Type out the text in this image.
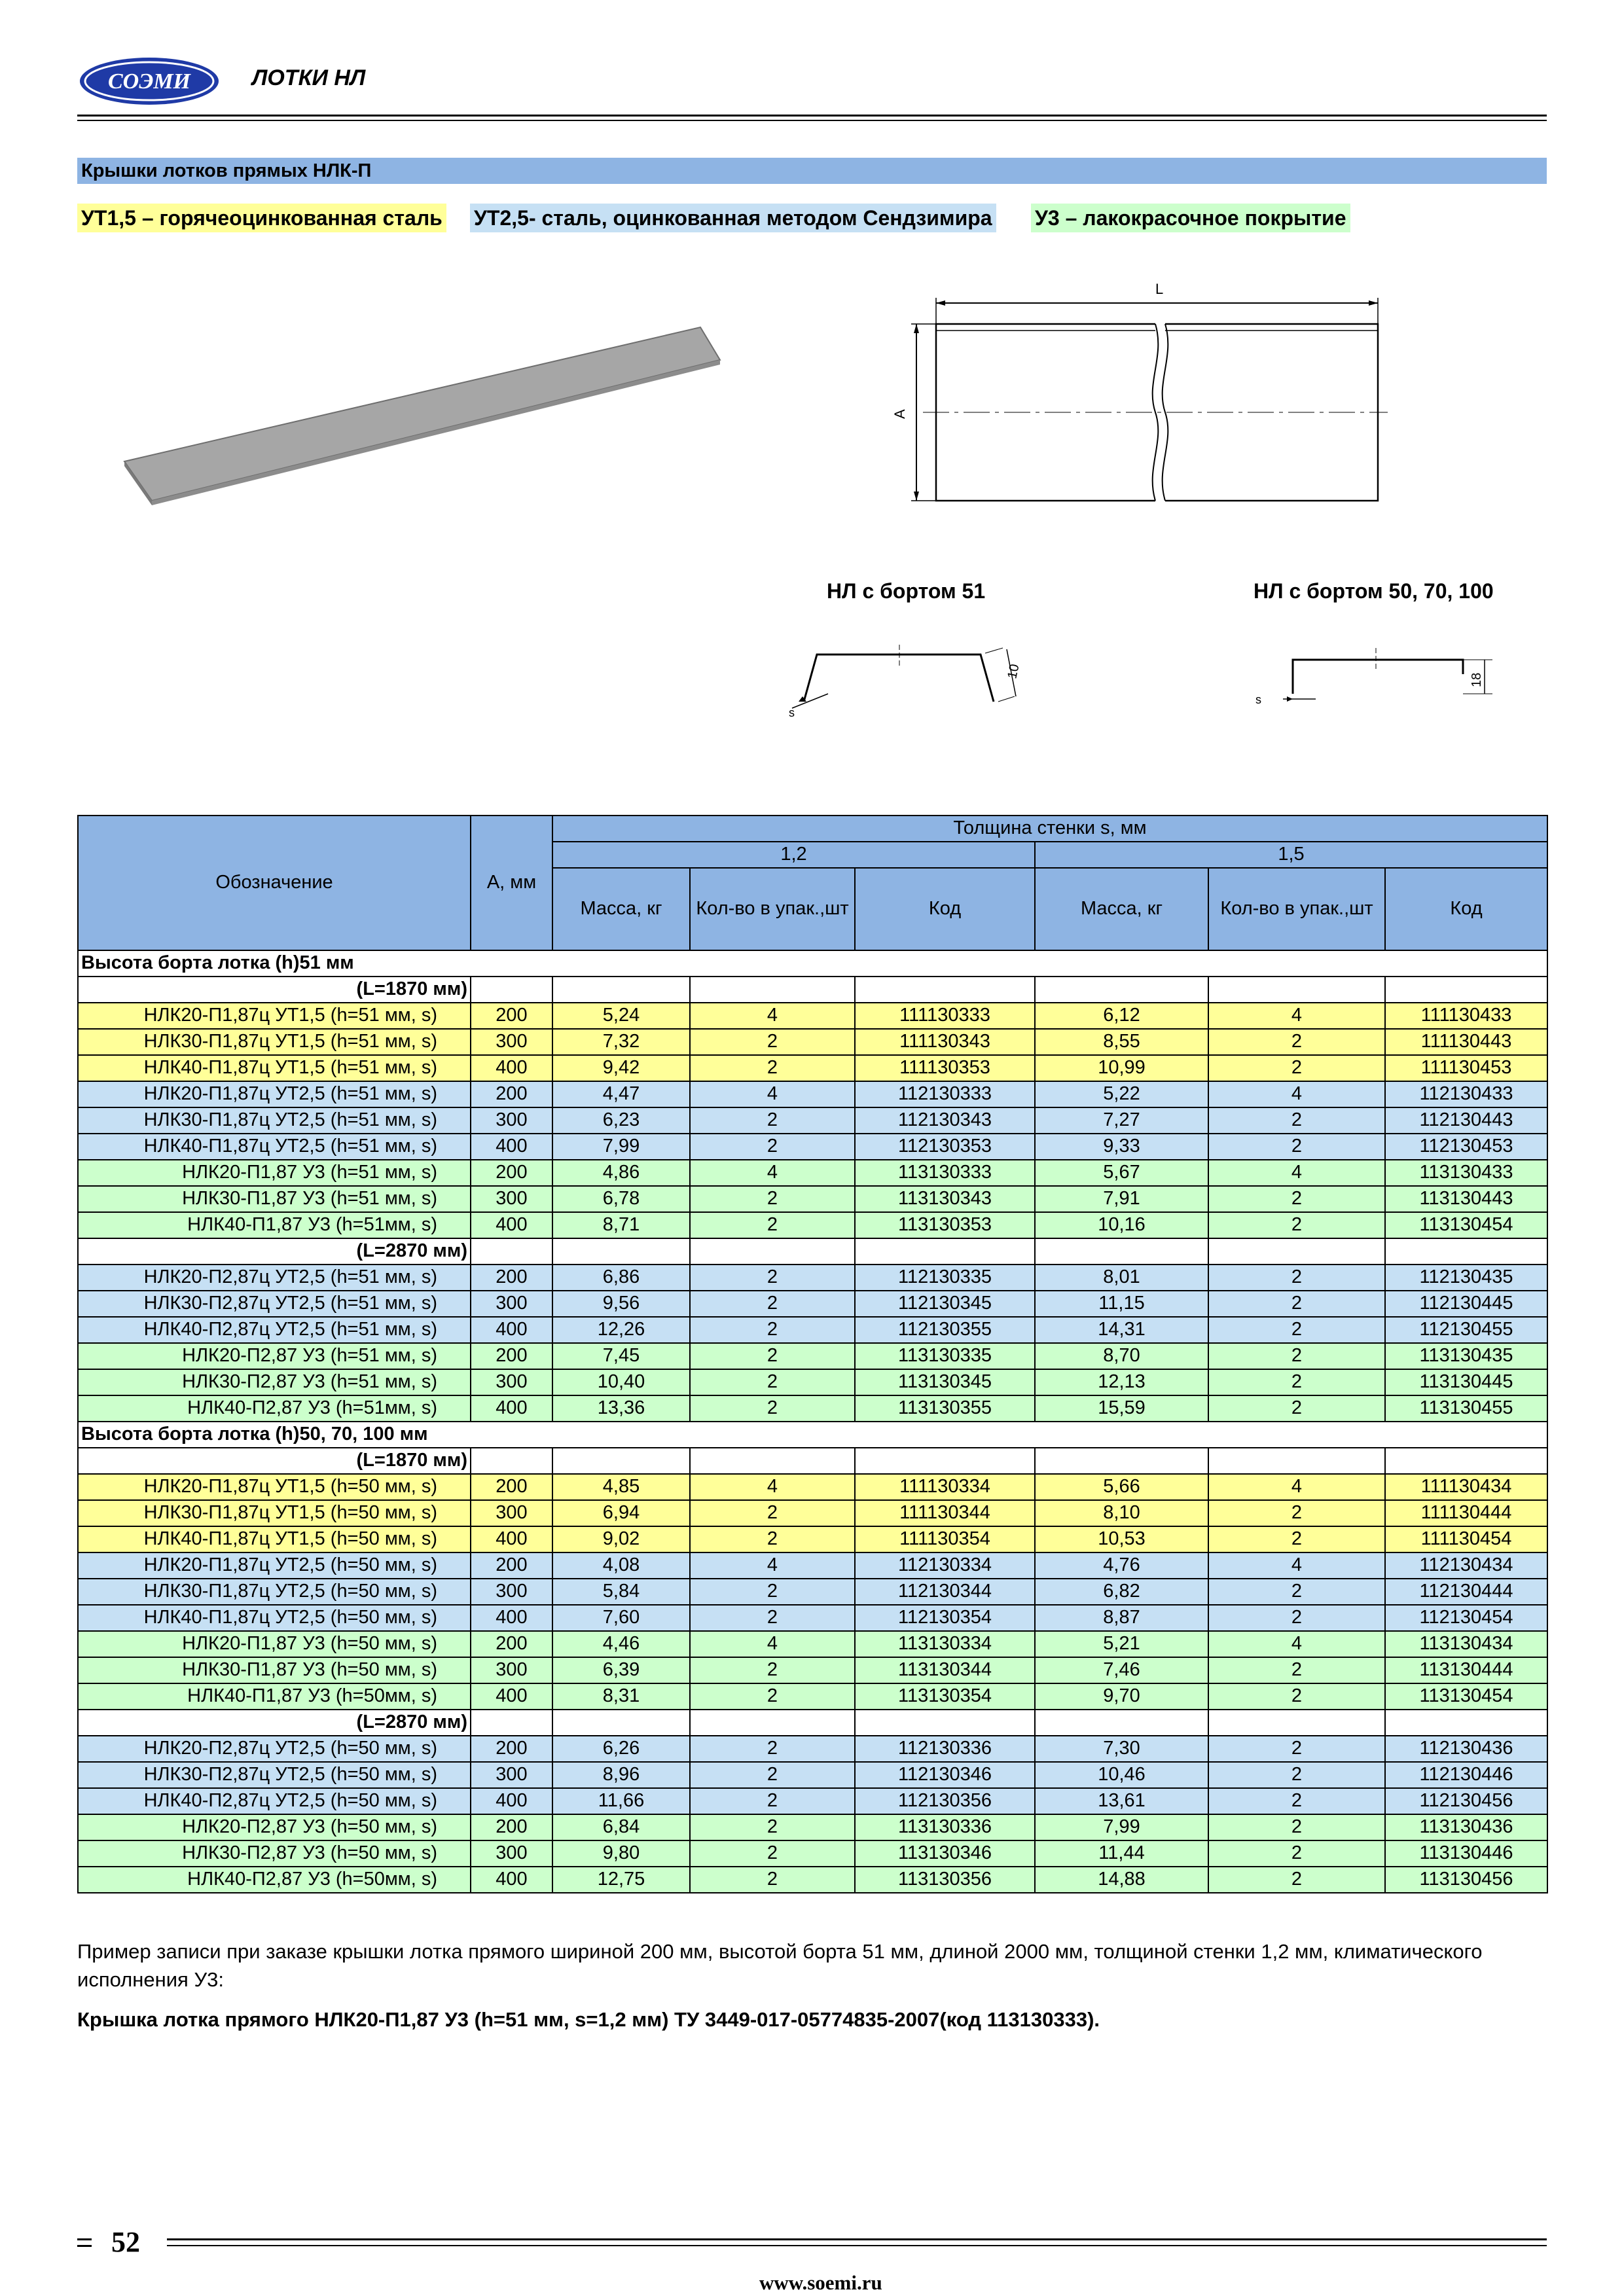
СОЭМИ	ЛОТКИ НЛ
Крышки лотков прямых НЛК-П
УТ1,5 – горячеоцинкованная сталь УТ2,5- сталь, оцинкованная методом Сендзимира У3 – лакокрасочное покрытие
L
A
НЛ с бортом 51	НЛ с бортом 50, 70, 100
10
s
18
s
Обозначение	А, мм	Толщина стенки s, мм					
		1,2			1,5		
		Масса, кг	Кол-во в упак.,шт	Код	Масса, кг	Кол-во в упак.,шт	Код
Высота борта лотка (h)51 мм							
(L=1870 мм)							
НЛК20-П1,87ц УТ1,5 (h=51 мм, s)	200	5,24	4	111130333	6,12	4	111130433
НЛК30-П1,87ц УТ1,5 (h=51 мм, s)	300	7,32	2	111130343	8,55	2	111130443
НЛК40-П1,87ц УТ1,5 (h=51 мм, s)	400	9,42	2	111130353	10,99	2	111130453
НЛК20-П1,87ц УТ2,5 (h=51 мм, s)	200	4,47	4	112130333	5,22	4	112130433
НЛК30-П1,87ц УТ2,5 (h=51 мм, s)	300	6,23	2	112130343	7,27	2	112130443
НЛК40-П1,87ц УТ2,5 (h=51 мм, s)	400	7,99	2	112130353	9,33	2	112130453
НЛК20-П1,87 У3 (h=51 мм, s)	200	4,86	4	113130333	5,67	4	113130433
НЛК30-П1,87 У3 (h=51 мм, s)	300	6,78	2	113130343	7,91	2	113130443
НЛК40-П1,87 У3 (h=51мм, s)	400	8,71	2	113130353	10,16	2	113130454
(L=2870 мм)							
НЛК20-П2,87ц УТ2,5 (h=51 мм, s)	200	6,86	2	112130335	8,01	2	112130435
НЛК30-П2,87ц УТ2,5 (h=51 мм, s)	300	9,56	2	112130345	11,15	2	112130445
НЛК40-П2,87ц УТ2,5 (h=51 мм, s)	400	12,26	2	112130355	14,31	2	112130455
НЛК20-П2,87 У3 (h=51 мм, s)	200	7,45	2	113130335	8,70	2	113130435
НЛК30-П2,87 У3 (h=51 мм, s)	300	10,40	2	113130345	12,13	2	113130445
НЛК40-П2,87 У3 (h=51мм, s)	400	13,36	2	113130355	15,59	2	113130455
Высота борта лотка (h)50, 70, 100 мм							
(L=1870 мм)							
НЛК20-П1,87ц УТ1,5 (h=50 мм, s)	200	4,85	4	111130334	5,66	4	111130434
НЛК30-П1,87ц УТ1,5 (h=50 мм, s)	300	6,94	2	111130344	8,10	2	111130444
НЛК40-П1,87ц УТ1,5 (h=50 мм, s)	400	9,02	2	111130354	10,53	2	111130454
НЛК20-П1,87ц УТ2,5 (h=50 мм, s)	200	4,08	4	112130334	4,76	4	112130434
НЛК30-П1,87ц УТ2,5 (h=50 мм, s)	300	5,84	2	112130344	6,82	2	112130444
НЛК40-П1,87ц УТ2,5 (h=50 мм, s)	400	7,60	2	112130354	8,87	2	112130454
НЛК20-П1,87 У3 (h=50 мм, s)	200	4,46	4	113130334	5,21	4	113130434
НЛК30-П1,87 У3 (h=50 мм, s)	300	6,39	2	113130344	7,46	2	113130444
НЛК40-П1,87 У3 (h=50мм, s)	400	8,31	2	113130354	9,70	2	113130454
(L=2870 мм)							
НЛК20-П2,87ц УТ2,5 (h=50 мм, s)	200	6,26	2	112130336	7,30	2	112130436
НЛК30-П2,87ц УТ2,5 (h=50 мм, s)	300	8,96	2	112130346	10,46	2	112130446
НЛК40-П2,87ц УТ2,5 (h=50 мм, s)	400	11,66	2	112130356	13,61	2	112130456
НЛК20-П2,87 У3 (h=50 мм, s)	200	6,84	2	113130336	7,99	2	113130436
НЛК30-П2,87 У3 (h=50 мм, s)	300	9,80	2	113130346	11,44	2	113130446
НЛК40-П2,87 У3 (h=50мм, s)	400	12,75	2	113130356	14,88	2	113130456
Пример записи при заказе крышки лотка прямого шириной 200 мм, высотой борта 51 мм, длиной 2000 мм, толщиной стенки 1,2 мм, климатического исполнения У3:
Крышка лотка прямого НЛК20-П1,87 У3 (h=51 мм, s=1,2 мм) ТУ 3449-017-05774835-2007(код 113130333).
52
www.soemi.ru
